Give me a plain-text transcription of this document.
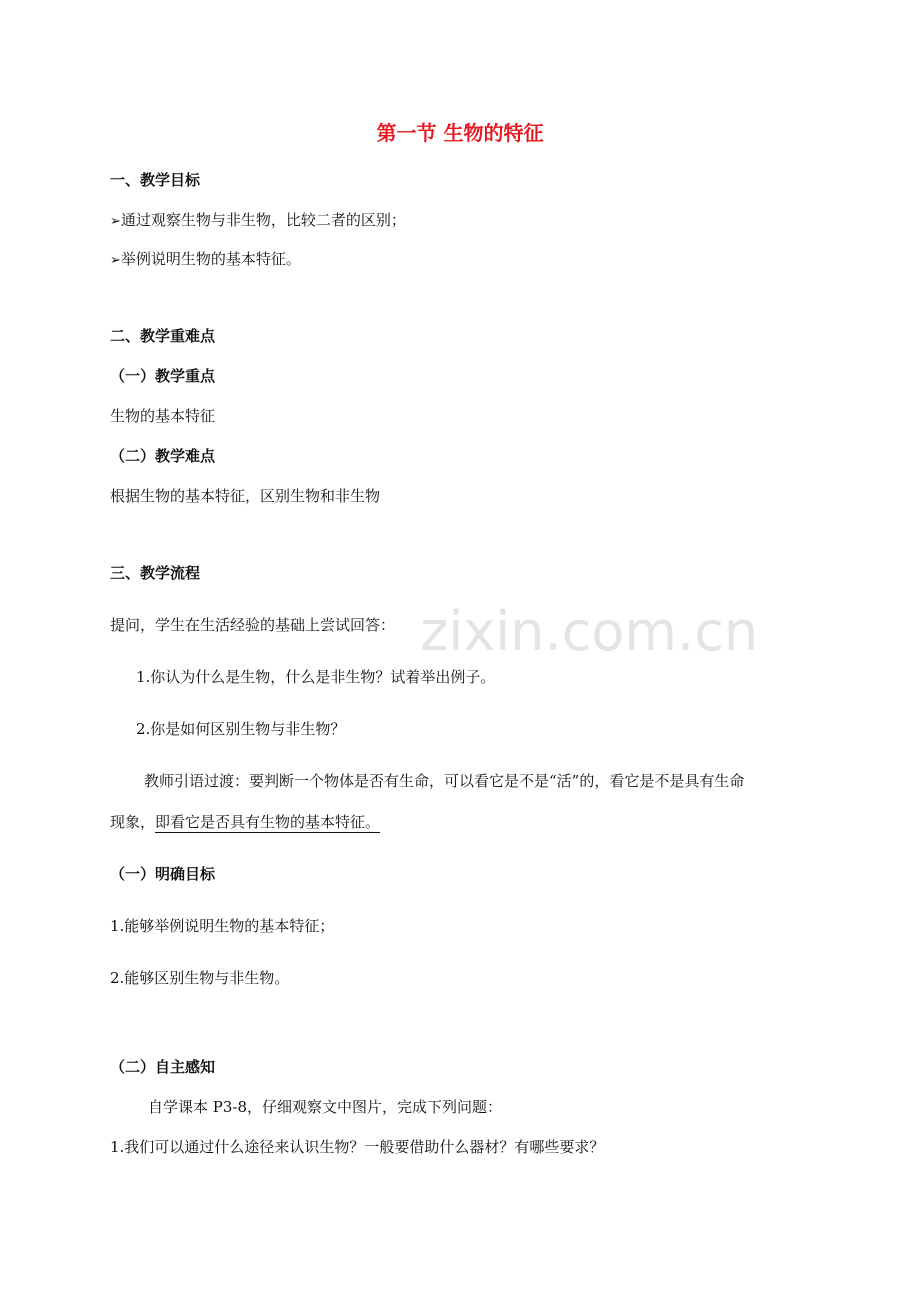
第一节 生物的特征
一、教学目标
➢通过观察生物与非生物，比较二者的区别；
➢举例说明生物的基本特征。
二、教学重难点
（一）教学重点
生物的基本特征
（二）教学难点
根据生物的基本特征，区别生物和非生物
三、教学流程
zixin.com.cn
提问，学生在生活经验的基础上尝试回答：
1.你认为什么是生物，什么是非生物？试着举出例子。
2.你是如何区别生物与非生物？
教师引语过渡：要判断一个物体是否有生命，可以看它是不是“活”的，看它是不是具有生命
现象，即看它是否具有生物的基本特征。
（一）明确目标
1.能够举例说明生物的基本特征；
2.能够区别生物与非生物。
（二）自主感知
自学课本 P3-8，仔细观察文中图片，完成下列问题：
1.我们可以通过什么途径来认识生物？一般要借助什么器材？有哪些要求？
